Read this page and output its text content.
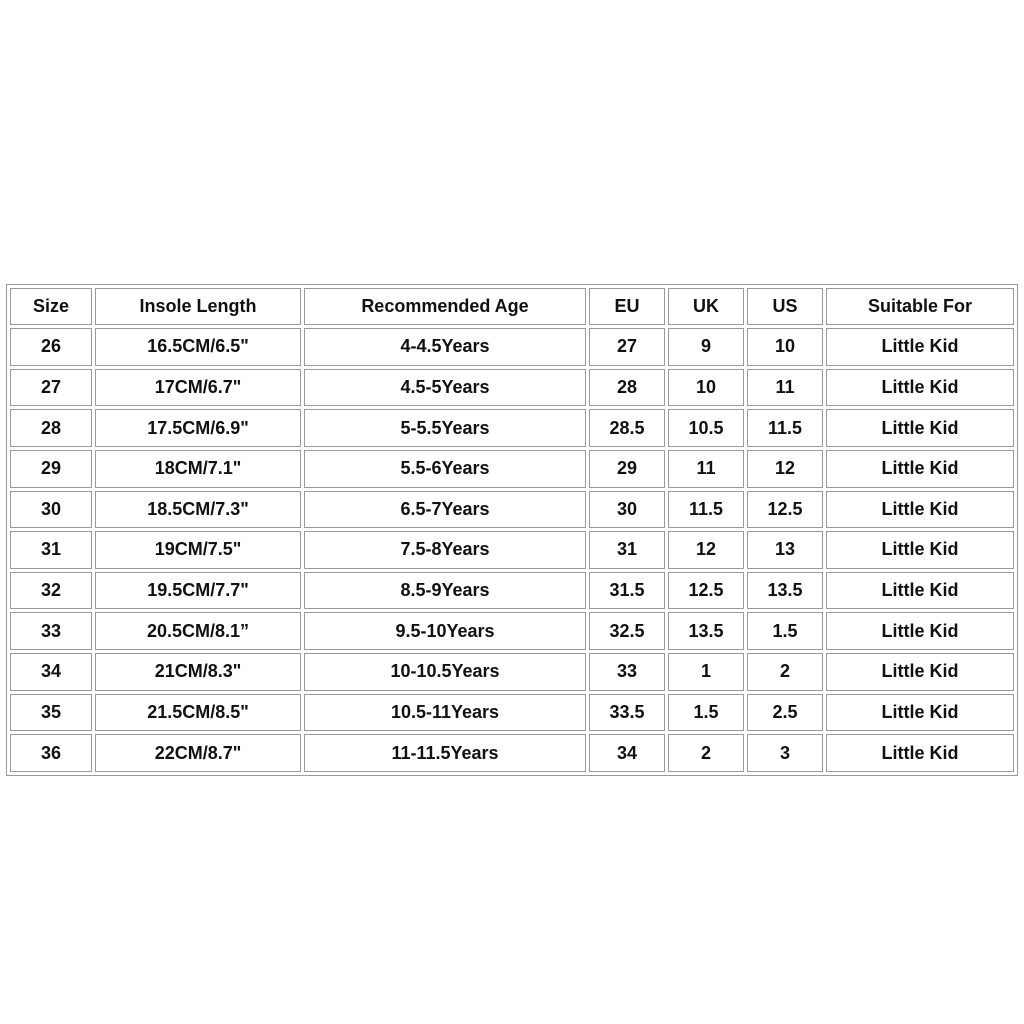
Size	Insole Length	Recommended Age	EU	UK	US	Suitable For
26	16.5CM/6.5"	4-4.5Years	27	9	10	Little Kid
27	17CM/6.7"	4.5-5Years	28	10	11	Little Kid
28	17.5CM/6.9"	5-5.5Years	28.5	10.5	11.5	Little Kid
29	18CM/7.1"	5.5-6Years	29	11	12	Little Kid
30	18.5CM/7.3"	6.5-7Years	30	11.5	12.5	Little Kid
31	19CM/7.5"	7.5-8Years	31	12	13	Little Kid
32	19.5CM/7.7"	8.5-9Years	31.5	12.5	13.5	Little Kid
33	20.5CM/8.1”	9.5-10Years	32.5	13.5	1.5	Little Kid
34	21CM/8.3"	10-10.5Years	33	1	2	Little Kid
35	21.5CM/8.5"	10.5-11Years	33.5	1.5	2.5	Little Kid
36	22CM/8.7"	11-11.5Years	34	2	3	Little Kid
